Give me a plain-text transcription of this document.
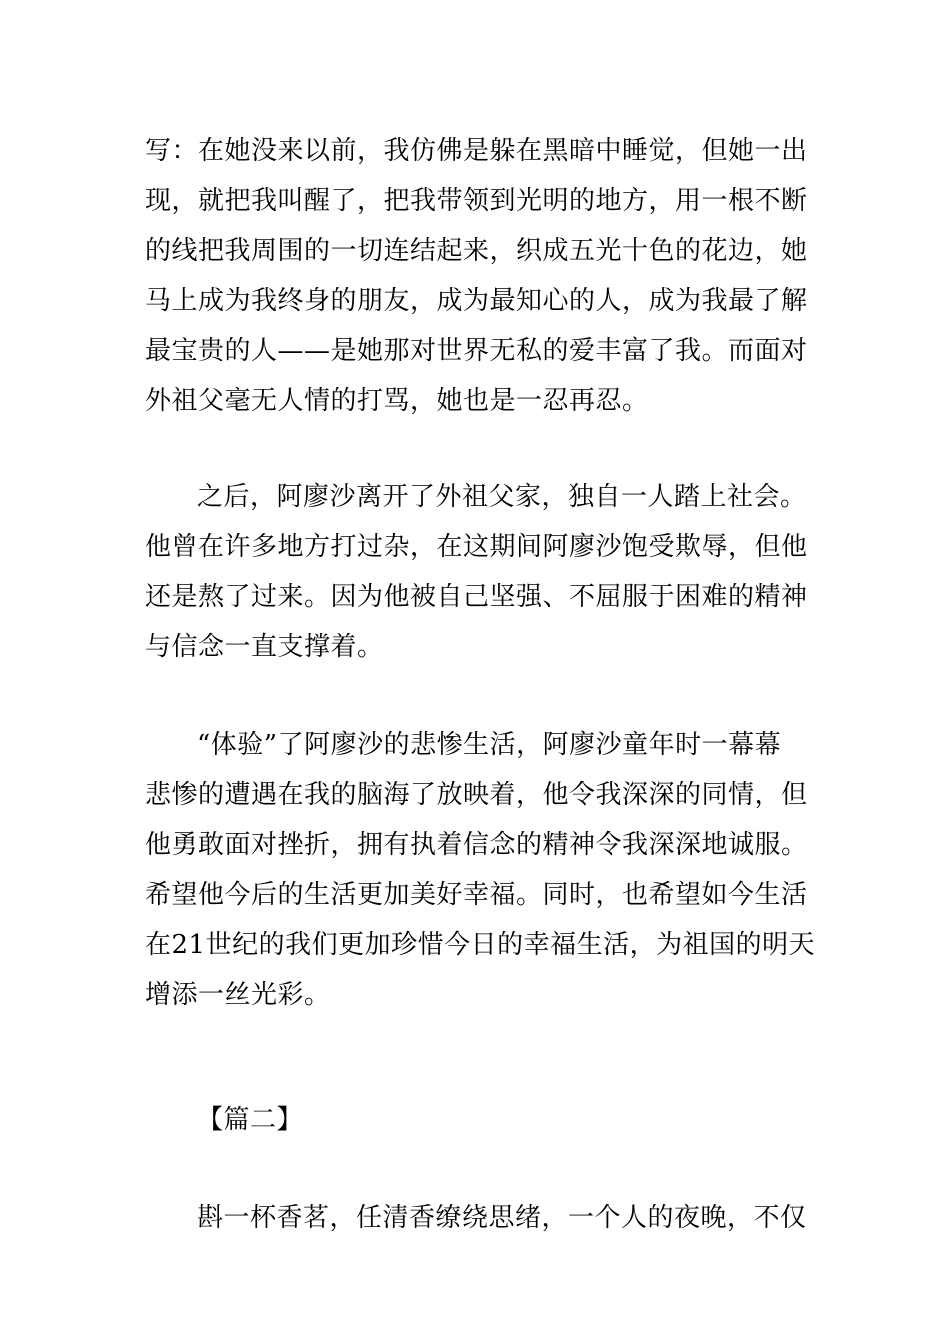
写：在她没来以前，我仿佛是躲在黑暗中睡觉，但她一出
现，就把我叫醒了，把我带领到光明的地方，用一根不断
的线把我周围的一切连结起来，织成五光十色的花边，她
马上成为我终身的朋友，成为最知心的人，成为我最了解
最宝贵的人——是她那对世界无私的爱丰富了我。而面对
外祖父毫无人情的打骂，她也是一忍再忍。
之后，阿廖沙离开了外祖父家，独自一人踏上社会。
他曾在许多地方打过杂，在这期间阿廖沙饱受欺辱，但他
还是熬了过来。因为他被自己坚强、不屈服于困难的精神
与信念一直支撑着。
“体验”了阿廖沙的悲惨生活，阿廖沙童年时一幕幕
悲惨的遭遇在我的脑海了放映着，他令我深深的同情，但
他勇敢面对挫折，拥有执着信念的精神令我深深地诚服。
希望他今后的生活更加美好幸福。同时，也希望如今生活
在21世纪的我们更加珍惜今日的幸福生活，为祖国的明天
增添一丝光彩。
【篇二】
斟一杯香茗，任清香缭绕思绪，一个人的夜晚，不仅
